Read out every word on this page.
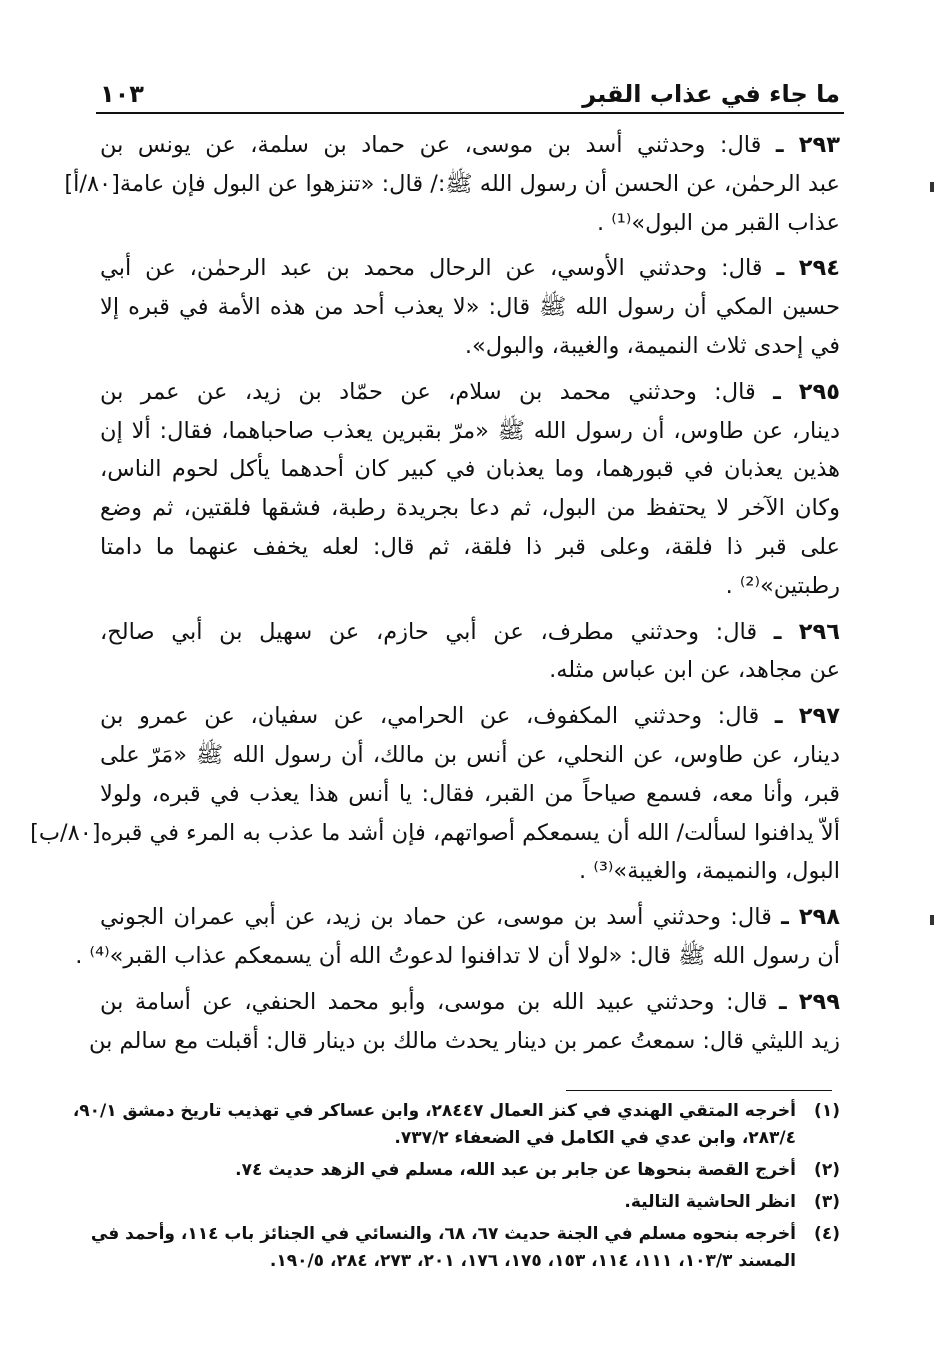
ما جاء في عذاب القبر
١٠٣
٢٩٣ ـ قال: وحدثني أسد بن موسى، عن حماد بن سلمة، عن يونس بن
عبد الرحمٰن، عن الحسن أن رسول الله ﷺ:/ قال: «تنزهوا عن البول فإن عامة[٨٠/أ]
عذاب القبر من البول»⁽¹⁾ .
٢٩٤ ـ قال: وحدثني الأوسي، عن الرحال محمد بن عبد الرحمٰن، عن أبي
حسين المكي أن رسول الله ﷺ قال: «لا يعذب أحد من هذه الأمة في قبره إلا
في إحدى ثلاث النميمة، والغيبة، والبول».
٢٩٥ ـ قال: وحدثني محمد بن سلام، عن حمّاد بن زيد، عن عمر بن
دينار، عن طاوس، أن رسول الله ﷺ «مرّ بقبرين يعذب صاحباهما، فقال: ألا إن
هذين يعذبان في قبورهما، وما يعذبان في كبير كان أحدهما يأكل لحوم الناس،
وكان الآخر لا يحتفظ من البول، ثم دعا بجريدة رطبة، فشقها فلقتين، ثم وضع
على قبر ذا فلقة، وعلى قبر ذا فلقة، ثم قال: لعله يخفف عنهما ما دامتا
رطبتين»⁽²⁾ .
٢٩٦ ـ قال: وحدثني مطرف، عن أبي حازم، عن سهيل بن أبي صالح،
عن مجاهد، عن ابن عباس مثله.
٢٩٧ ـ قال: وحدثني المكفوف، عن الحرامي، عن سفيان، عن عمرو بن
دينار، عن طاوس، عن النحلي، عن أنس بن مالك، أن رسول الله ﷺ «مَرّ على
قبر، وأنا معه، فسمع صياحاً من القبر، فقال: يا أنس هذا يعذب في قبره، ولولا
ألاّ يدافنوا لسألت/ الله أن يسمعكم أصواتهم، فإن أشد ما عذب به المرء في قبره[٨٠/ب]
البول، والنميمة، والغيبة»⁽³⁾ .
٢٩٨ ـ قال: وحدثني أسد بن موسى، عن حماد بن زيد، عن أبي عمران الجوني
أن رسول الله ﷺ قال: «لولا أن لا تدافنوا لدعوتُ الله أن يسمعكم عذاب القبر»⁽⁴⁾ .
٢٩٩ ـ قال: وحدثني عبيد الله بن موسى، وأبو محمد الحنفي، عن أسامة بن
زيد الليثي قال: سمعتُ عمر بن دينار يحدث مالك بن دينار قال: أقبلت مع سالم بن
(١)
أخرجه المتقي الهندي في كنز العمال ٢٨٤٤٧، وابن عساكر في تهذيب تاريخ دمشق ٩٠/١،
٢٨٣/٤، وابن عدي في الكامل في الضعفاء ٧٣٧/٢.
(٢)
أخرج القصة بنحوها عن جابر بن عبد الله، مسلم في الزهد حديث ٧٤.
(٣)
انظر الحاشية التالية.
(٤)
أخرجه بنحوه مسلم في الجنة حديث ٦٧، ٦٨، والنسائي في الجنائز باب ١١٤، وأحمد في
المسند ١٠٣/٣، ١١١، ١١٤، ١٥٣، ١٧٥، ١٧٦، ٢٠١، ٢٧٣، ٢٨٤، ١٩٠/٥.
